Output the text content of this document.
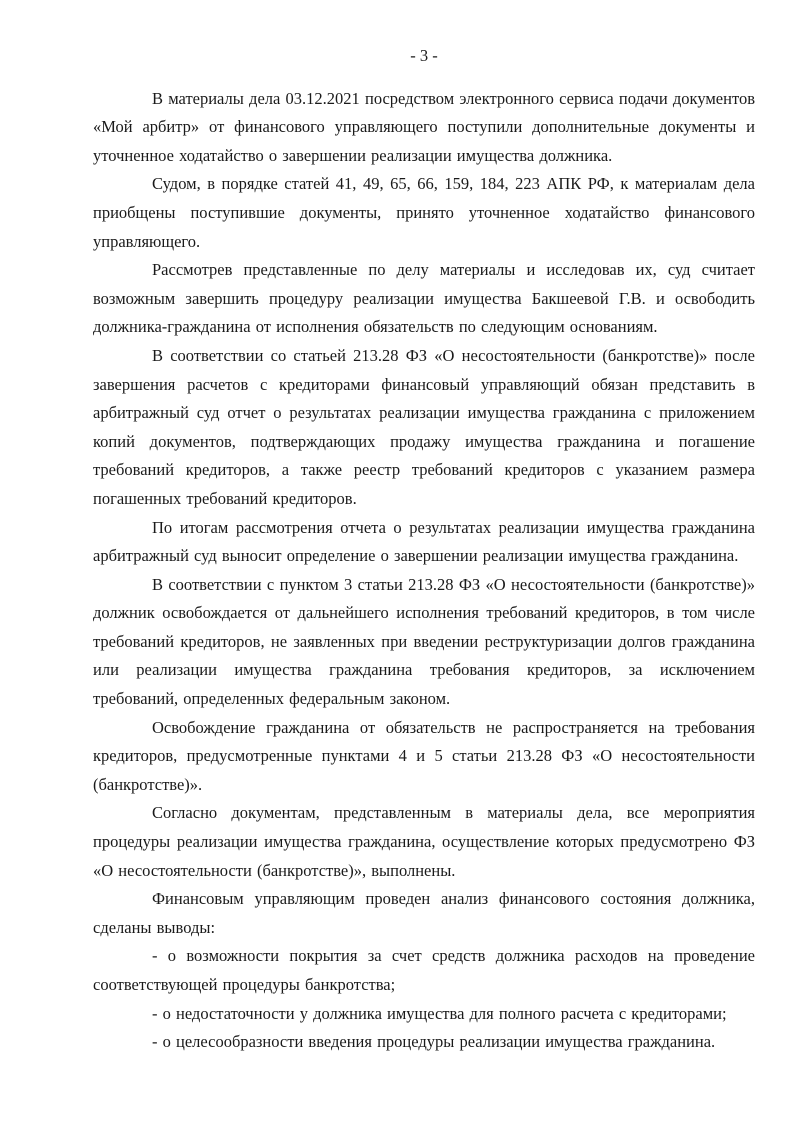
- 3 -

В материалы дела 03.12.2021 посредством электронного сервиса подачи документов «Мой арбитр» от финансового управляющего поступили дополнительные документы и уточненное ходатайство о завершении реализации имущества должника.

Судом, в порядке статей 41, 49, 65, 66, 159, 184, 223 АПК РФ, к материалам дела приобщены поступившие документы, принято уточненное ходатайство финансового управляющего.

Рассмотрев представленные по делу материалы и исследовав их, суд считает возможным завершить процедуру реализации имущества Бакшеевой Г.В. и освободить должника-гражданина от исполнения обязательств по следующим основаниям.

В соответствии со статьей 213.28 ФЗ «О несостоятельности (банкротстве)» после завершения расчетов с кредиторами финансовый управляющий обязан представить в арбитражный суд отчет о результатах реализации имущества гражданина с приложением копий документов, подтверждающих продажу имущества гражданина и погашение требований кредиторов, а также реестр требований кредиторов с указанием размера погашенных требований кредиторов.

По итогам рассмотрения отчета о результатах реализации имущества гражданина арбитражный суд выносит определение о завершении реализации имущества гражданина.

В соответствии с пунктом 3 статьи 213.28 ФЗ «О несостоятельности (банкротстве)» должник освобождается от дальнейшего исполнения требований кредиторов, в том числе требований кредиторов, не заявленных при введении реструктуризации долгов гражданина или реализации имущества гражданина требования кредиторов, за исключением требований, определенных федеральным законом.

Освобождение гражданина от обязательств не распространяется на требования кредиторов, предусмотренные пунктами 4 и 5 статьи 213.28 ФЗ «О несостоятельности (банкротстве)».

Согласно документам, представленным в материалы дела, все мероприятия процедуры реализации имущества гражданина, осуществление которых предусмотрено ФЗ «О несостоятельности (банкротстве)», выполнены.

Финансовым управляющим проведен анализ финансового состояния должника, сделаны выводы:

- о возможности покрытия за счет средств должника расходов на проведение соответствующей процедуры банкротства;

- о недостаточности у должника имущества для полного расчета с кредиторами;

- о целесообразности введения процедуры реализации имущества гражданина.
